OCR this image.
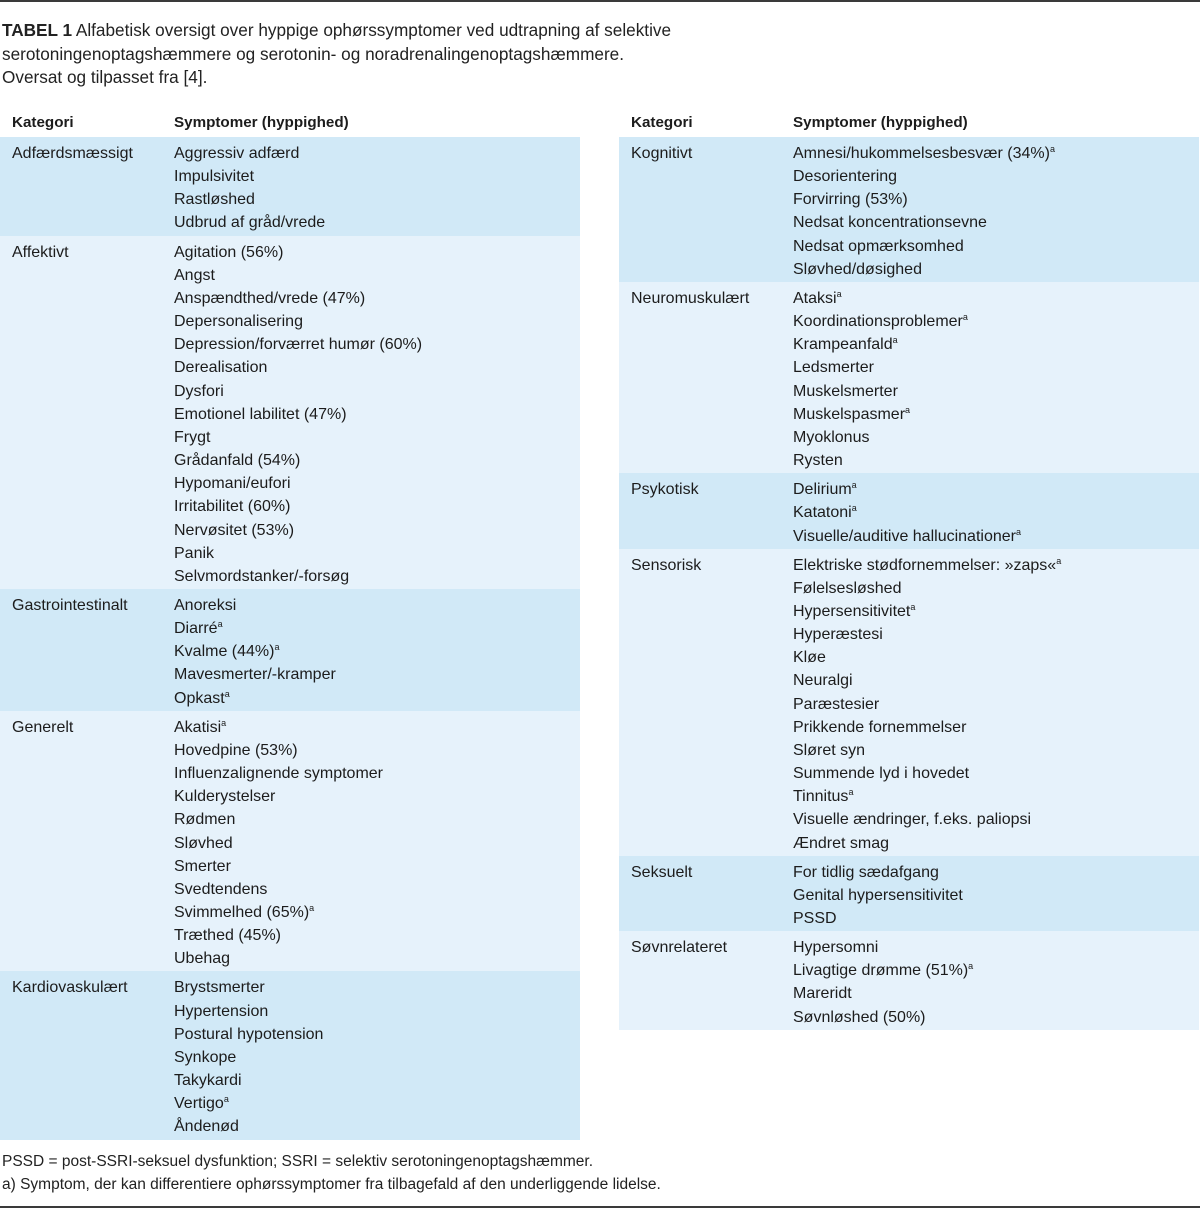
TABEL 1 Alfabetisk oversigt over hyppige ophørssymptomer ved udtrapning af selektive
serotoningenoptagshæmmere og serotonin- og noradrenalingenoptagshæmmere.
Oversat og tilpasset fra [4].
Kategori	Symptomer (hyppighed)
Adfærdsmæssigt	Aggressiv adfærd
Impulsivitet
Rastløshed
Udbrud af gråd/vrede
Affektivt	Agitation (56%)
Angst
Anspændthed/vrede (47%)
Depersonalisering
Depression/forværret humør (60%)
Derealisation
Dysfori
Emotionel labilitet (47%)
Frygt
Grådanfald (54%)
Hypomani/eufori
Irritabilitet (60%)
Nervøsitet (53%)
Panik
Selvmordstanker/-forsøg
Gastrointestinalt	Anoreksi
Diarré$^a$
Kvalme $(44\%)^a$
Mavesmerter/-kramper
Opkast$^a$
Generelt	Akatisi$^a$
Hovedpine (53%)
Influenzalignende symptomer
Kulderystelser
Rødmen
Sløvhed
Smerter
Svedtendens
Svimmelhed $(65\%)^a$
Træthed (45%)
Ubehag
Kardiovaskulært	Brystsmerter
Hypertension
Postural hypotension
Synkope
Takykardi
Vertigo$^a$
Åndenød
Kategori	Symptomer (hyppighed)
Kognitivt	Amnesi/hukommelsesbesvær $(34\%)^a$
Desorientering
Forvirring (53%)
Nedsat koncentrationsevne
Nedsat opmærksomhed
Sløvhed/døsighed
Neuromuskulært	Ataksi$^a$
Koordinationsproblemer$^a$
Krampeanfald$^a$
Ledsmerter
Muskelsmerter
Muskelspasmer$^a$
Myoklonus
Rysten
Psykotisk	Delirium$^a$
Katatoni$^a$
Visuelle/auditive hallucinationer$^a$
Sensorisk	Elektriske stødfornemmelser: »zaps«$^a$
Følelsesløshed
Hypersensitivitet$^a$
Hyperæstesi
Kløe
Neuralgi
Paræstesier
Prikkende fornemmelser
Sløret syn
Summende lyd i hovedet
Tinnitus$^a$
Visuelle ændringer, f.eks. paliopsi
Ændret smag
Seksuelt	For tidlig sædafgang
Genital hypersensitivitet
PSSD
Søvnrelateret	Hypersomni
Livagtige drømme $(51\%)^a$
Mareridt
Søvnløshed (50%)
PSSD = post-SSRI-seksuel dysfunktion; SSRI = selektiv serotoningenoptagshæmmer.
a) Symptom, der kan differentiere ophørssymptomer fra tilbagefald af den underliggende lidelse.
